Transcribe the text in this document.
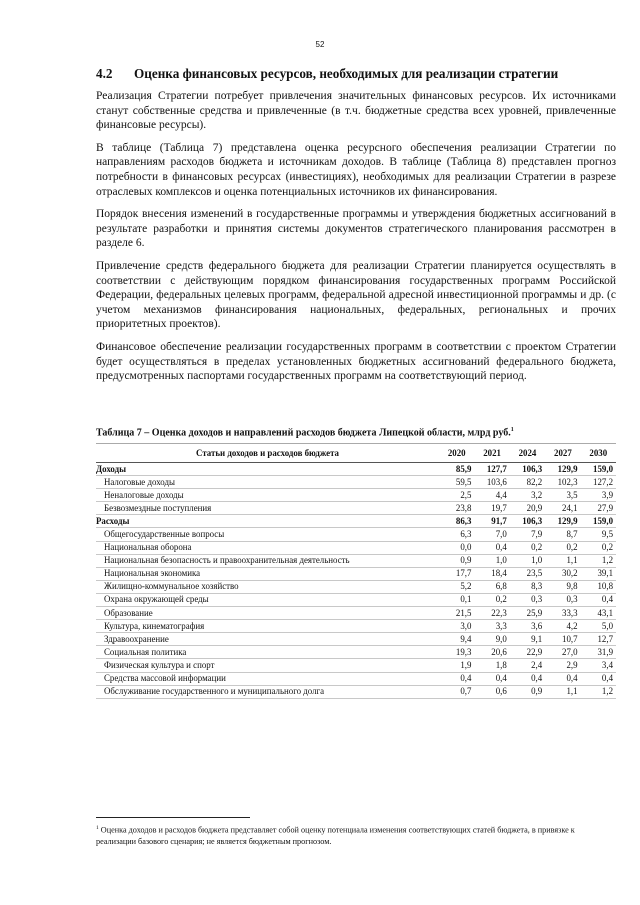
52
4.2 Оценка финансовых ресурсов, необходимых для реализации стратегии

Реализация Стратегии потребует привлечения значительных финансовых ресурсов. Их источниками станут собственные средства и привлеченные (в т.ч. бюджетные средства всех уровней, привлеченные финансовые ресурсы).

В таблице (Таблица 7) представлена оценка ресурсного обеспечения реализации Стратегии по направлениям расходов бюджета и источникам доходов. В таблице (Таблица 8) представлен прогноз потребности в финансовых ресурсах (инвестициях), необходимых для реализации Стратегии в разрезе отраслевых комплексов и оценка потенциальных источников их финансирования.

Порядок внесения изменений в государственные программы и утверждения бюджетных ассигнований в результате разработки и принятия системы документов стратегического планирования рассмотрен в разделе 6.

Привлечение средств федерального бюджета для реализации Стратегии планируется осуществлять в соответствии с действующим порядком финансирования государственных программ Российской Федерации, федеральных целевых программ, федеральной адресной инвестиционной программы и др. (с учетом механизмов финансирования национальных, федеральных, региональных и прочих приоритетных проектов).

Финансовое обеспечение реализации государственных программ в соответствии с проектом Стратегии будет осуществляться в пределах установленных бюджетных ассигнований федерального бюджета, предусмотренных паспортами государственных программ на соответствующий период.

Таблица 7 – Оценка доходов и направлений расходов бюджета Липецкой области, млрд руб.$^1$
Статьи доходов и расходов бюджета	2020	2021	2024	2027	2030
Доходы	85,9	127,7	106,3	129,9	159,0
Налоговые доходы	59,5	103,6	82,2	102,3	127,2
Неналоговые доходы	2,5	4,4	3,2	3,5	3,9
Безвозмездные поступления	23,8	19,7	20,9	24,1	27,9
Расходы	86,3	91,7	106,3	129,9	159,0
Общегосударственные вопросы	6,3	7,0	7,9	8,7	9,5
Национальная оборона	0,0	0,4	0,2	0,2	0,2
Национальная безопасность и правоохранительная деятельность	0,9	1,0	1,0	1,1	1,2
Национальная экономика	17,7	18,4	23,5	30,2	39,1
Жилищно-коммунальное хозяйство	5,2	6,8	8,3	9,8	10,8
Охрана окружающей среды	0,1	0,2	0,3	0,3	0,4
Образование	21,5	22,3	25,9	33,3	43,1
Культура, кинематография	3,0	3,3	3,6	4,2	5,0
Здравоохранение	9,4	9,0	9,1	10,7	12,7
Социальная политика	19,3	20,6	22,9	27,0	31,9
Физическая культура и спорт	1,9	1,8	2,4	2,9	3,4
Средства массовой информации	0,4	0,4	0,4	0,4	0,4
Обслуживание государственного и муниципального долга	0,7	0,6	0,9	1,1	1,2
$^1$ Оценка доходов и расходов бюджета представляет собой оценку потенциала изменения соответствующих статей бюджета, в привязке к реализации базового сценария; не является бюджетным прогнозом.
